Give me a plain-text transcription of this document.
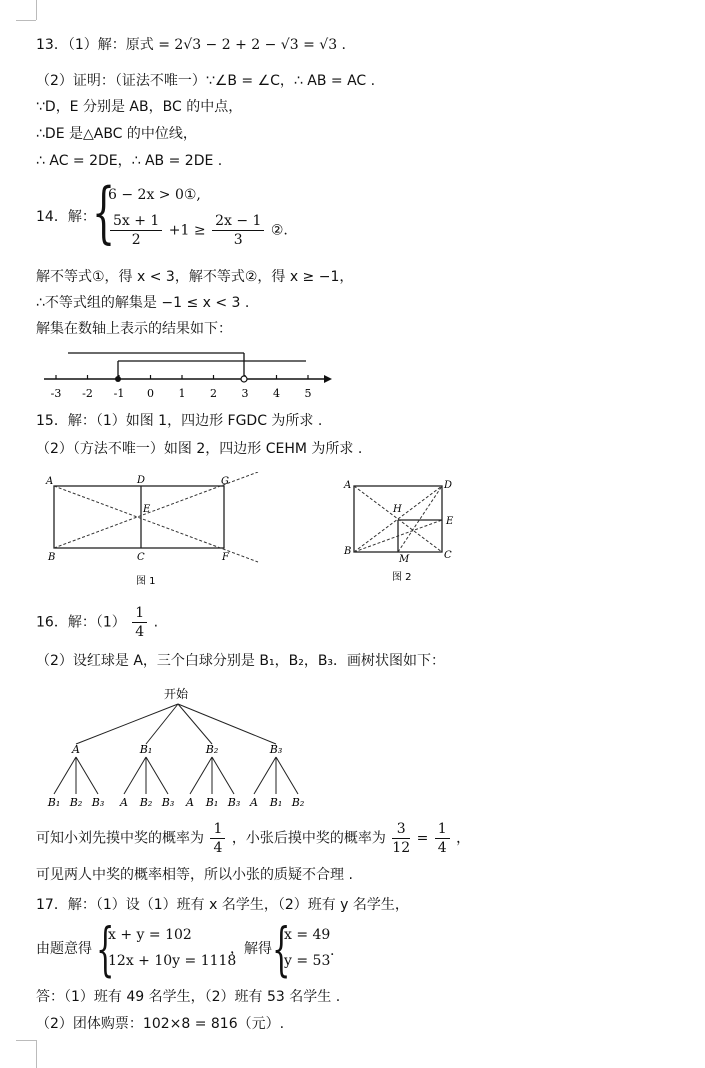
13．（1）解：原式 = 2√3 − 2 + 2 − √3 = √3 .
（2）证明：（证法不唯一）∵∠B = ∠C，∴ AB = AC .
∵D，E 分别是 AB，BC 的中点，
∴DE 是△ABC 的中位线，
∴ AC = 2DE，∴ AB = 2DE .
14．解：
{
6 − 2x > 0①,
$\frac{5x + 1}{2} +1 \ge \frac{2x - 1}{3}$ ②.
解不等式①，得 x < 3，解不等式②，得 x ≥ −1，
∴不等式组的解集是 −1 ≤ x < 3 .
解集在数轴上表示的结果如下：
-3 -2 -1 0 1 2 3 4 5
15．解：（1）如图 1，四边形 FGDC 为所求 .
（2）（方法不唯一）如图 2，四边形 CEHM 为所求 .
A	D	G
E
B	C	F
图 1
A	D
H
E
B
M	C
图 2
16．解：$(1) \frac{1}{4}$ .
（2）设红球是 A，三个白球分别是 B₁，B₂，B₃．画树状图如下：
开始
A
B₁ B₂ B₃
B₁
A B₂ B₃
B₂
A B₁ B₃
B₃
A B₁ B₂
可知小刘先摸中奖的概率为 $\frac{1}{4}$ ，小张后摸中奖的概率为 $\frac{3}{12} = \frac{1}{4}$ ，
可见两人中奖的概率相等，所以小张的质疑不合理 .
17．解：（1）设（1）班有 x 名学生，（2）班有 y 名学生，
由题意得 {
x + y = 102
12x + 10y = 1118
，解得 {
x = 49
y = 53
.
答：（1）班有 49 名学生，（2）班有 53 名学生 .
（2）团体购票：102×8 = 816（元）.
